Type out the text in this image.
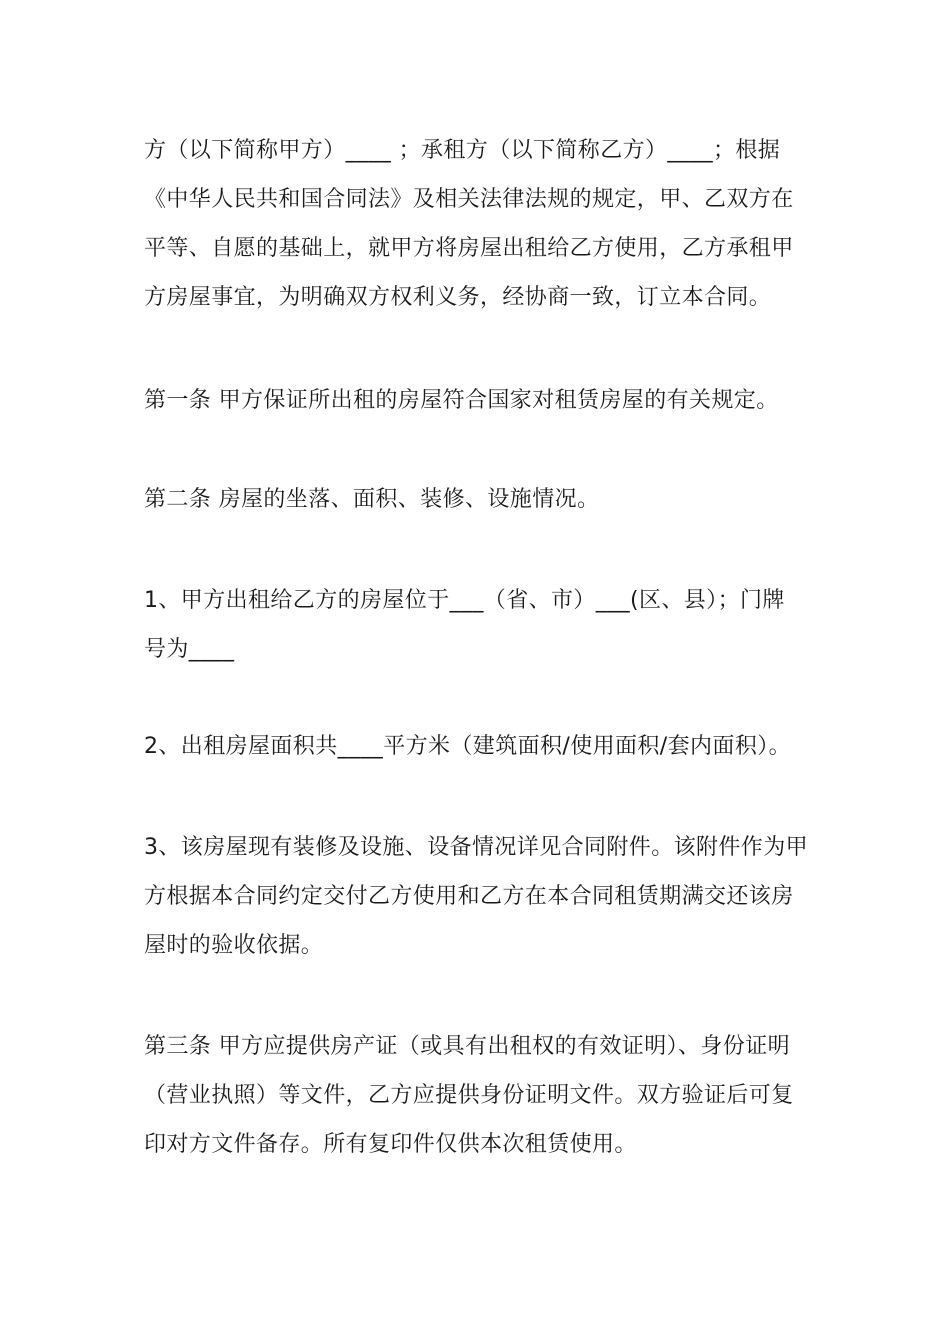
方（以下简称甲方）____ ；承租方（以下简称乙方）____；根据
《中华人民共和国合同法》及相关法律法规的规定，甲、乙双方在
平等、自愿的基础上，就甲方将房屋出租给乙方使用，乙方承租甲
方房屋事宜，为明确双方权利义务，经协商一致，订立本合同。
第一条 甲方保证所出租的房屋符合国家对租赁房屋的有关规定。
第二条 房屋的坐落、面积、装修、设施情况。
1、甲方出租给乙方的房屋位于___（省、市）___(区、县）；门牌
号为____
2、出租房屋面积共____平方米（建筑面积/使用面积/套内面积）。
3、该房屋现有装修及设施、设备情况详见合同附件。该附件作为甲
方根据本合同约定交付乙方使用和乙方在本合同租赁期满交还该房
屋时的验收依据。
第三条 甲方应提供房产证（或具有出租权的有效证明）、身份证明
（营业执照）等文件，乙方应提供身份证明文件。双方验证后可复
印对方文件备存。所有复印件仅供本次租赁使用。
